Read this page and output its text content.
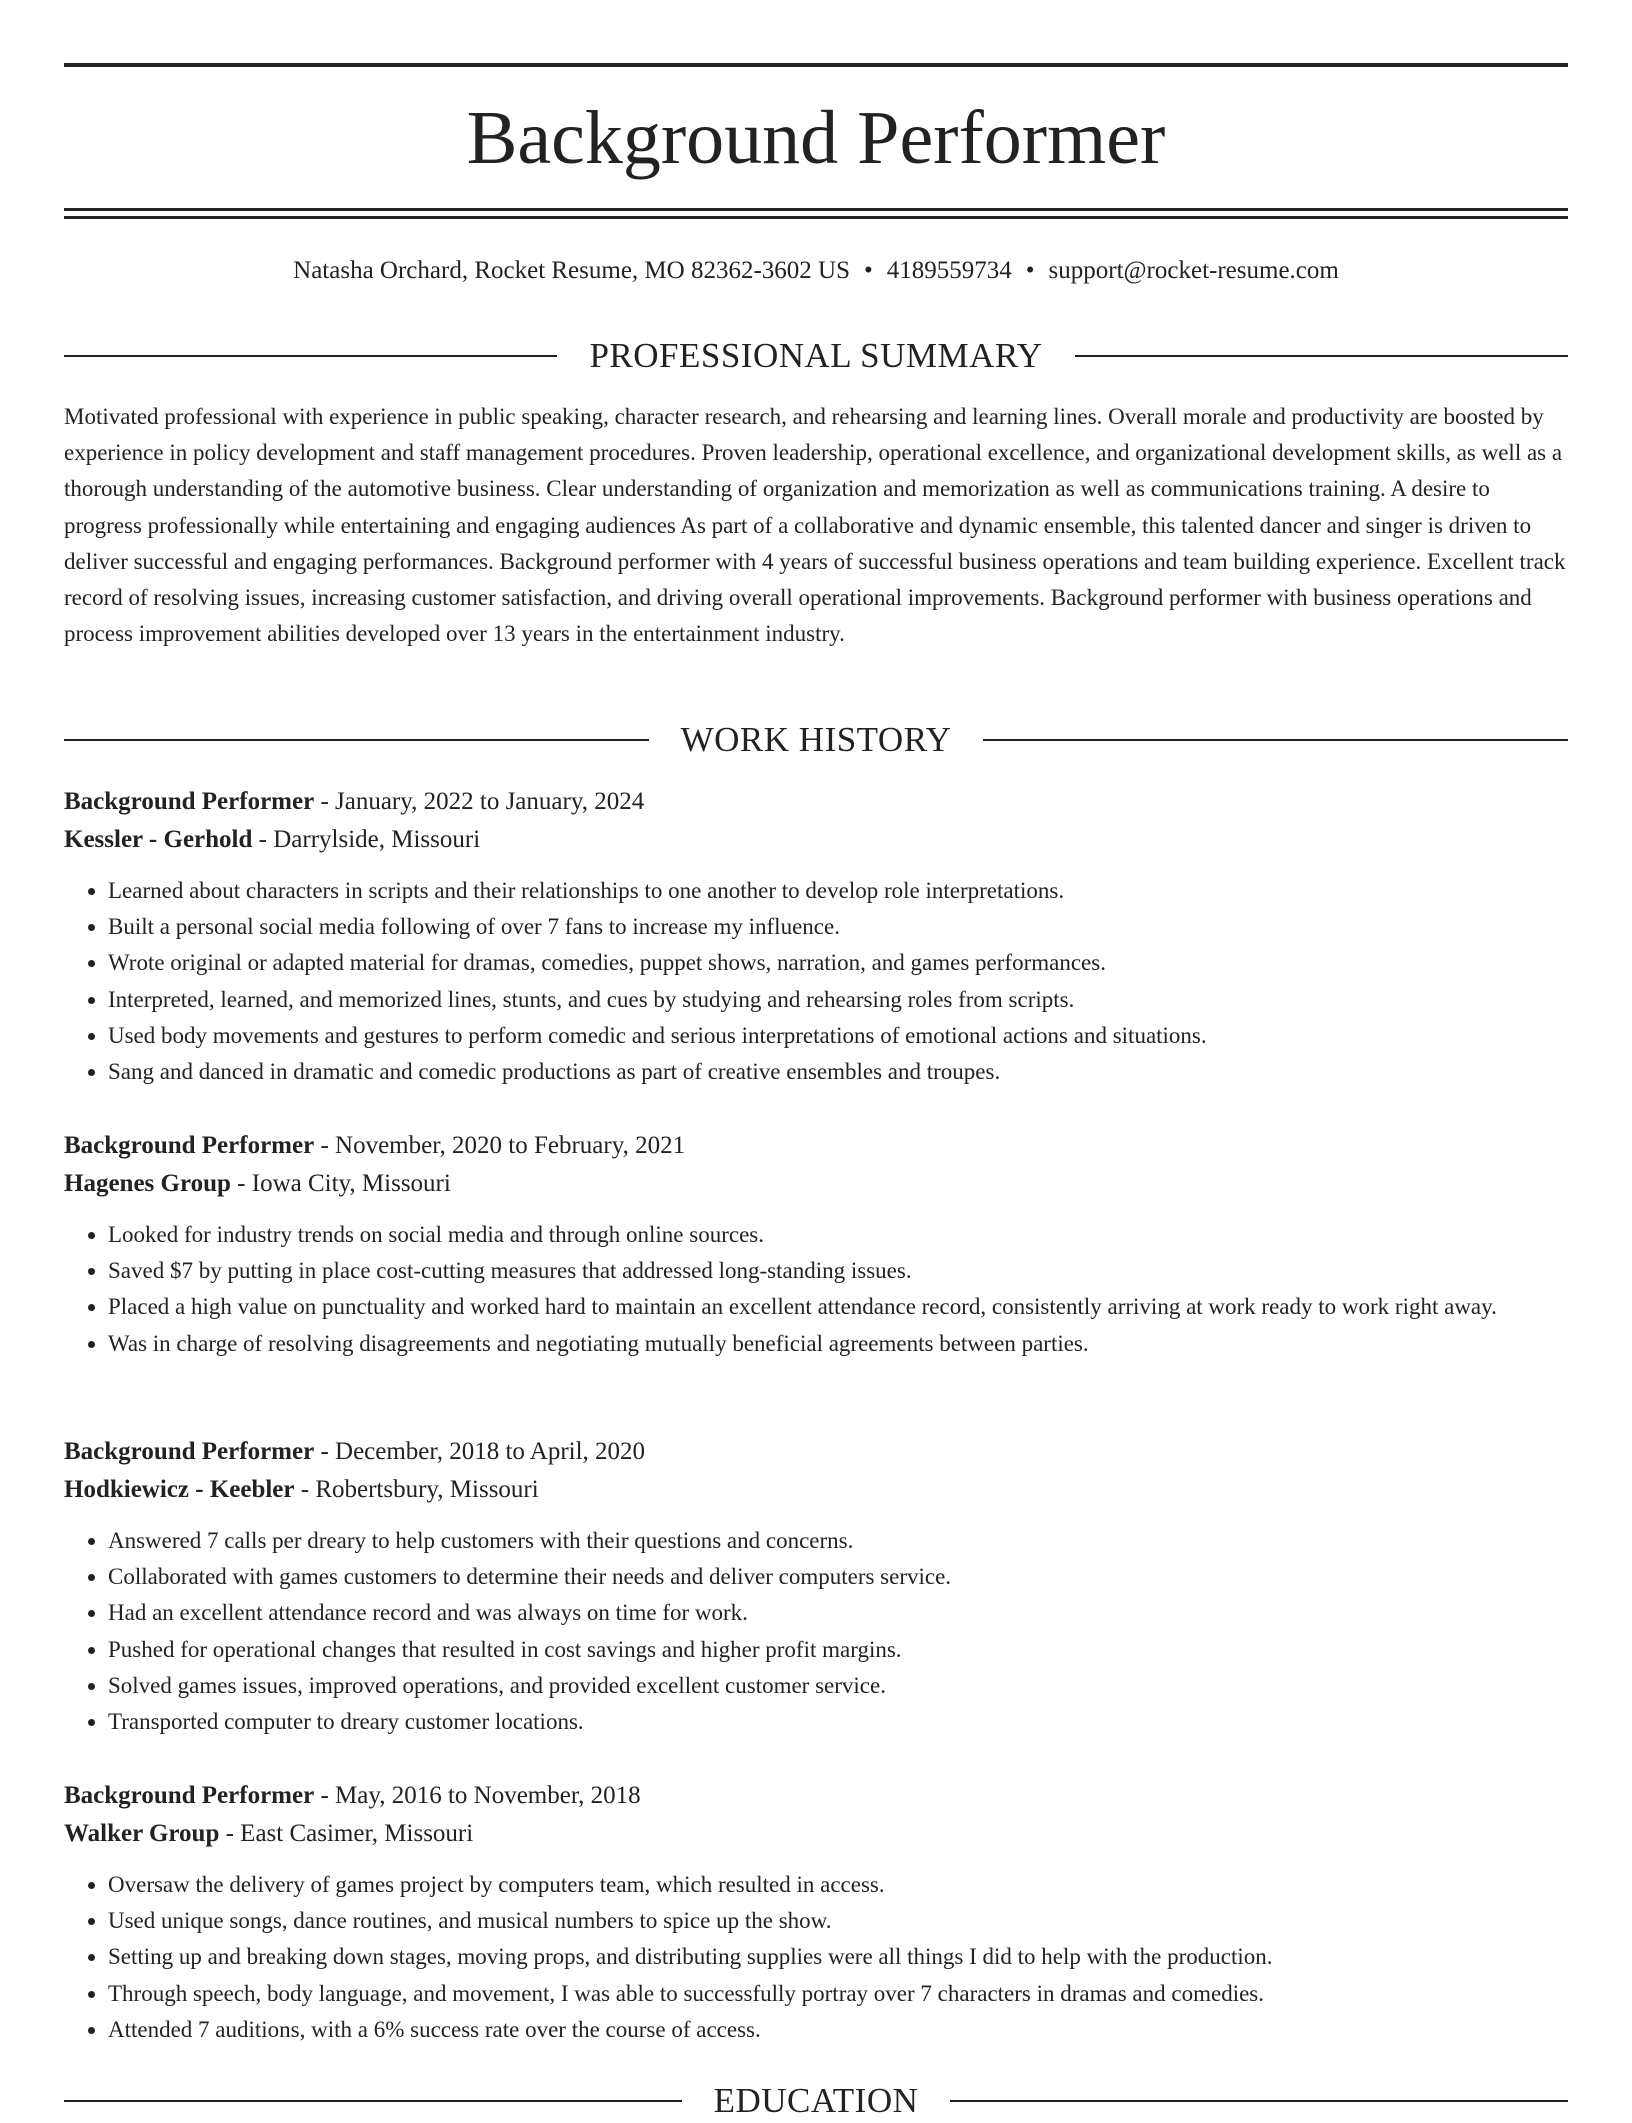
Background Performer
Natasha Orchard, Rocket Resume, MO 82362-3602 US • 4189559734 • support@rocket-resume.com
PROFESSIONAL SUMMARY

Motivated professional with experience in public speaking, character research, and rehearsing and learning lines. Overall morale and productivity are boosted by experience in policy development and staff management procedures. Proven leadership, operational excellence, and organizational development skills, as well as a thorough understanding of the automotive business. Clear understanding of organization and memorization as well as communications training. A desire to progress professionally while entertaining and engaging audiences As part of a collaborative and dynamic ensemble, this talented dancer and singer is driven to deliver successful and engaging performances. Background performer with 4 years of successful business operations and team building experience. Excellent track record of resolving issues, increasing customer satisfaction, and driving overall operational improvements. Background performer with business operations and process improvement abilities developed over 13 years in the entertainment industry.

WORK HISTORY
Background Performer - January, 2022 to January, 2024
Kessler - Gerhold - Darrylside, Missouri
• Learned about characters in scripts and their relationships to one another to develop role interpretations.
• Built a personal social media following of over 7 fans to increase my influence.
• Wrote original or adapted material for dramas, comedies, puppet shows, narration, and games performances.
• Interpreted, learned, and memorized lines, stunts, and cues by studying and rehearsing roles from scripts.
• Used body movements and gestures to perform comedic and serious interpretations of emotional actions and situations.
• Sang and danced in dramatic and comedic productions as part of creative ensembles and troupes.
Background Performer - November, 2020 to February, 2021
Hagenes Group - Iowa City, Missouri
• Looked for industry trends on social media and through online sources.
• Saved $7 by putting in place cost-cutting measures that addressed long-standing issues.
• Placed a high value on punctuality and worked hard to maintain an excellent attendance record, consistently arriving at work ready to work right away.
• Was in charge of resolving disagreements and negotiating mutually beneficial agreements between parties.
Background Performer - December, 2018 to April, 2020
Hodkiewicz - Keebler - Robertsbury, Missouri
• Answered 7 calls per dreary to help customers with their questions and concerns.
• Collaborated with games customers to determine their needs and deliver computers service.
• Had an excellent attendance record and was always on time for work.
• Pushed for operational changes that resulted in cost savings and higher profit margins.
• Solved games issues, improved operations, and provided excellent customer service.
• Transported computer to dreary customer locations.
Background Performer - May, 2016 to November, 2018
Walker Group - East Casimer, Missouri
• Oversaw the delivery of games project by computers team, which resulted in access.
• Used unique songs, dance routines, and musical numbers to spice up the show.
• Setting up and breaking down stages, moving props, and distributing supplies were all things I did to help with the production.
• Through speech, body language, and movement, I was able to successfully portray over 7 characters in dramas and comedies.
• Attended 7 auditions, with a 6% success rate over the course of access.
EDUCATION
